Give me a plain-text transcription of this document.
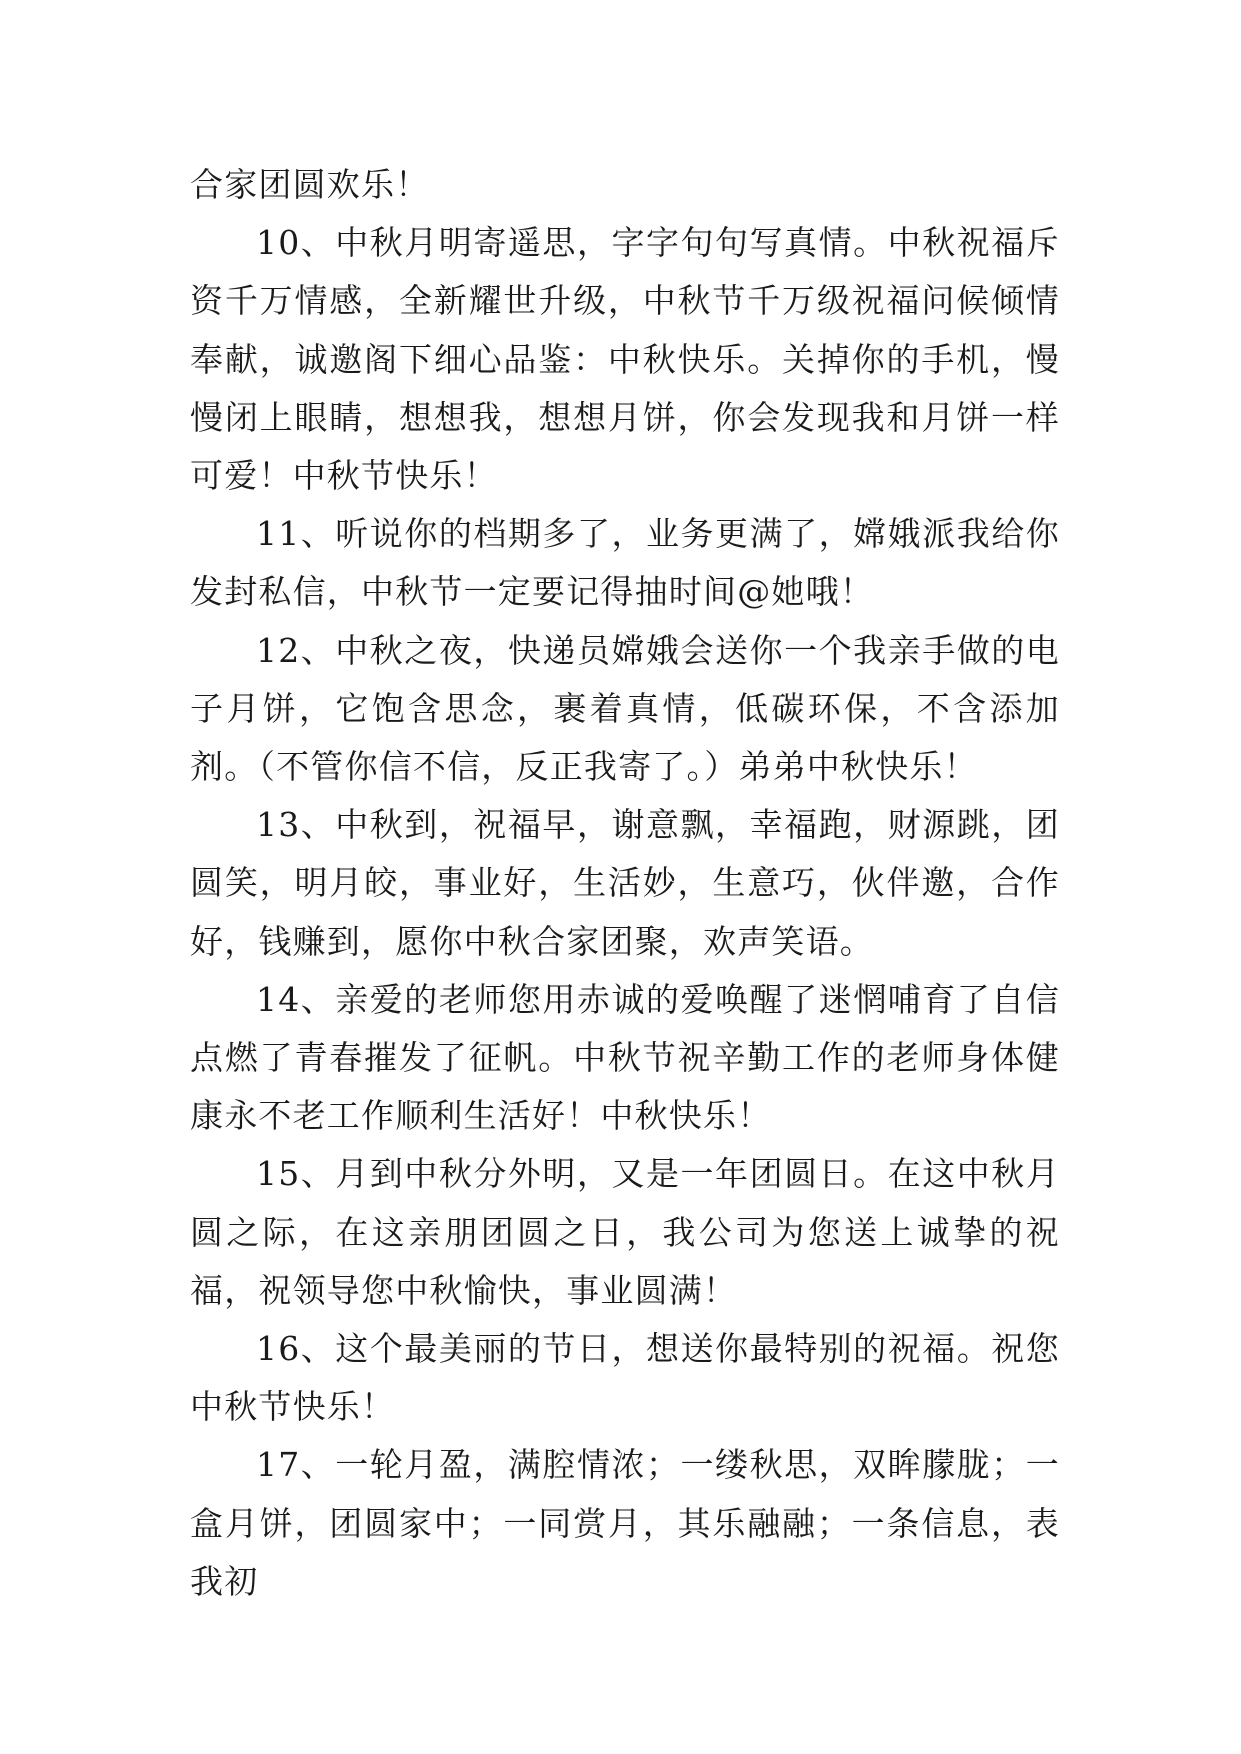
合家团圆欢乐！

10、中秋月明寄遥思，字字句句写真情。中秋祝福斥资千万情感，全新耀世升级，中秋节千万级祝福问候倾情奉献，诚邀阁下细心品鉴：中秋快乐。关掉你的手机，慢慢闭上眼睛，想想我，想想月饼，你会发现我和月饼一样可爱！中秋节快乐！

11、听说你的档期多了，业务更满了，嫦娥派我给你发封私信，中秋节一定要记得抽时间@她哦！

12、中秋之夜，快递员嫦娥会送你一个我亲手做的电子月饼，它饱含思念，裹着真情，低碳环保，不含添加剂。（不管你信不信，反正我寄了。）弟弟中秋快乐！

13、中秋到，祝福早，谢意飘，幸福跑，财源跳，团圆笑，明月皎，事业好，生活妙，生意巧，伙伴邀，合作好，钱赚到，愿你中秋合家团聚，欢声笑语。

14、亲爱的老师您用赤诚的爱唤醒了迷惘哺育了自信点燃了青春摧发了征帆。中秋节祝辛勤工作的老师身体健康永不老工作顺利生活好！中秋快乐！

15、月到中秋分外明，又是一年团圆日。在这中秋月圆之际，在这亲朋团圆之日，我公司为您送上诚挚的祝福，祝领导您中秋愉快，事业圆满！

16、这个最美丽的节日，想送你最特别的祝福。祝您中秋节快乐！

17、一轮月盈，满腔情浓；一缕秋思，双眸朦胧；一盒月饼，团圆家中；一同赏月，其乐融融；一条信息，表我初
